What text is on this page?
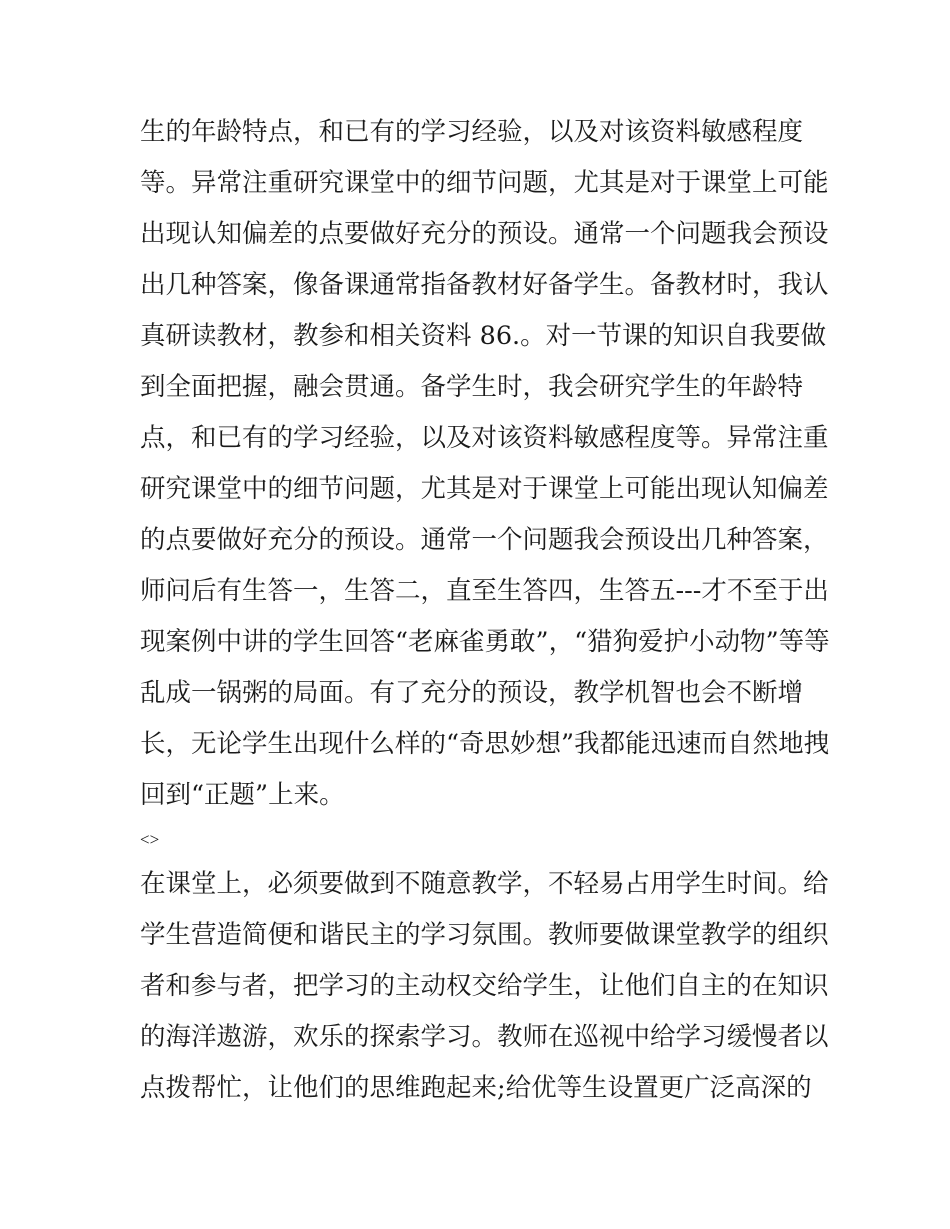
生的年龄特点，和已有的学习经验，以及对该资料敏感程度
等。异常注重研究课堂中的细节问题，尤其是对于课堂上可能
出现认知偏差的点要做好充分的预设。通常一个问题我会预设
出几种答案，像备课通常指备教材好备学生。备教材时，我认
真研读教材，教参和相关资料 86.。对一节课的知识自我要做
到全面把握，融会贯通。备学生时，我会研究学生的年龄特
点，和已有的学习经验，以及对该资料敏感程度等。异常注重
研究课堂中的细节问题，尤其是对于课堂上可能出现认知偏差
的点要做好充分的预设。通常一个问题我会预设出几种答案，
师问后有生答一，生答二，直至生答四，生答五---才不至于出
现案例中讲的学生回答“老麻雀勇敢”，“猎狗爱护小动物”等等
乱成一锅粥的局面。有了充分的预设，教学机智也会不断增
长，无论学生出现什么样的“奇思妙想”我都能迅速而自然地拽
回到“正题”上来。
<>
在课堂上，必须要做到不随意教学，不轻易占用学生时间。给
学生营造简便和谐民主的学习氛围。教师要做课堂教学的组织
者和参与者，把学习的主动权交给学生，让他们自主的在知识
的海洋遨游，欢乐的探索学习。教师在巡视中给学习缓慢者以
点拨帮忙，让他们的思维跑起来;给优等生设置更广泛高深的
